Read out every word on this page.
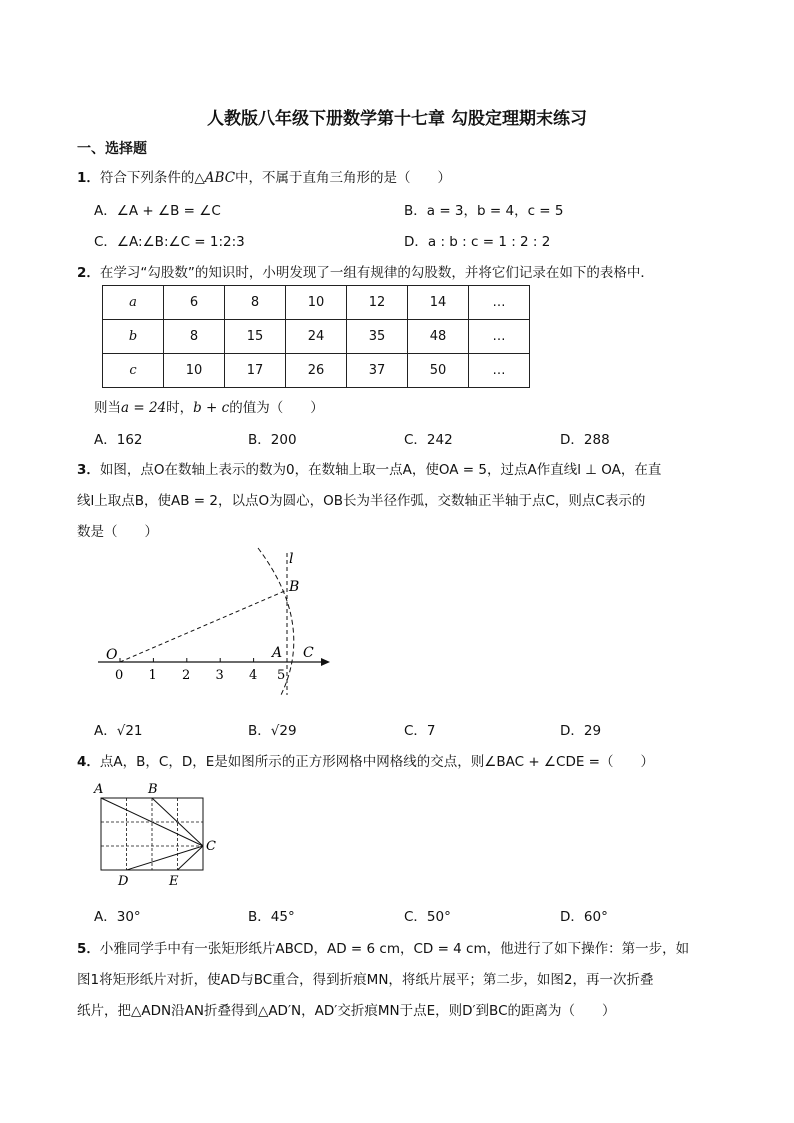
人教版八年级下册数学第十七章 勾股定理期末练习
一、选择题
1．符合下列条件的△ABC中，不属于直角三角形的是（　　）
A．∠A + ∠B = ∠C	B．a = 3，b = 4，c = 5
C．∠A:∠B:∠C = 1:2:3	D．a : b : c = 1 : 2 : 2
2．在学习“勾股数”的知识时，小明发现了一组有规律的勾股数，并将它们记录在如下的表格中．
a	6	8	10	12	14	…
b	8	15	24	35	48	…
c	10	17	26	37	50	…
则当a = 24时，b + c的值为（　　）
A．162	B．200	C．242	D．288
3．如图，点O在数轴上表示的数为0，在数轴上取一点A，使OA = 5，过点A作直线l ⊥ OA，在直
线l上取点B，使AB = 2，以点O为圆心，OB长为半径作弧，交数轴正半轴于点C，则点C表示的
数是（　　）
0 1 2 3 4 5
l
B
O	A C
A．√21	B．√29	C．7	D．29
4．点A，B，C，D，E是如图所示的正方形网格中网格线的交点，则∠BAC + ∠CDE =（　　）
A	B
C
D	E
A．30°	B．45°	C．50°	D．60°
5．小雅同学手中有一张矩形纸片ABCD，AD = 6 cm，CD = 4 cm，他进行了如下操作：第一步，如
图1将矩形纸片对折，使AD与BC重合，得到折痕MN，将纸片展平；第二步，如图2，再一次折叠
纸片，把△ADN沿AN折叠得到△AD′N，AD′交折痕MN于点E，则D′到BC的距离为（　　）
